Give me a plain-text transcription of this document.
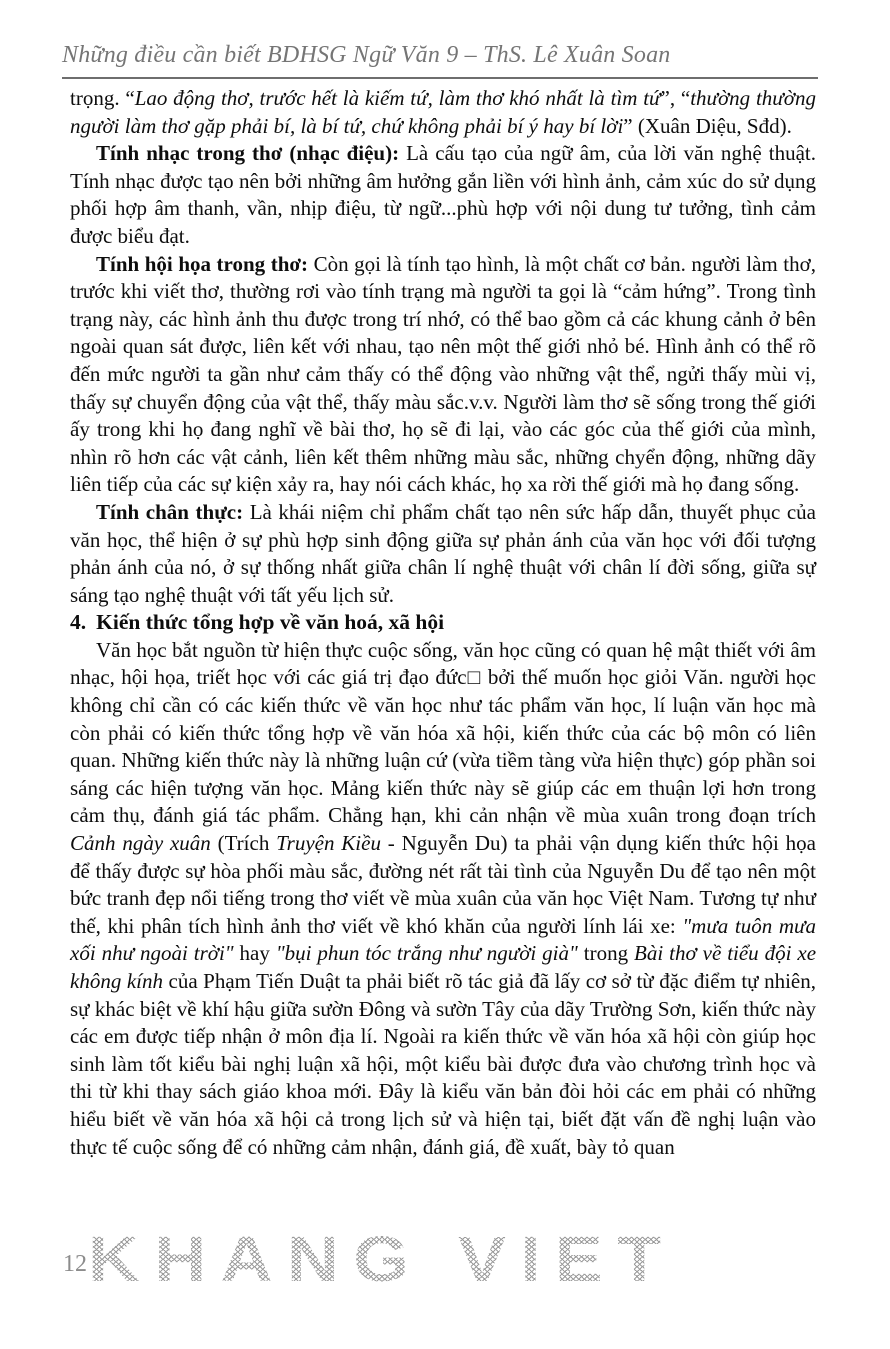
Những điều cần biết BDHSG Ngữ Văn 9 – ThS. Lê Xuân Soan

trọng. “Lao động thơ, trước hết là kiếm tứ, làm thơ khó nhất là tìm tứ”, “thường thường người làm thơ gặp phải bí, là bí tứ, chứ không phải bí ý hay bí lời” (Xuân Diệu, Sđd).

Tính nhạc trong thơ (nhạc điệu): Là cấu tạo của ngữ âm, của lời văn nghệ thuật. Tính nhạc được tạo nên bởi những âm hưởng gắn liền với hình ảnh, cảm xúc do sử dụng phối hợp âm thanh, vần, nhịp điệu, từ ngữ...phù hợp với nội dung tư tưởng, tình cảm được biểu đạt.

Tính hội họa trong thơ: Còn gọi là tính tạo hình, là một chất cơ bản. người làm thơ, trước khi viết thơ, thường rơi vào tính trạng mà người ta gọi là “cảm hứng”. Trong tình trạng này, các hình ảnh thu được trong trí nhớ, có thể bao gồm cả các khung cảnh ở bên ngoài quan sát được, liên kết với nhau, tạo nên một thế giới nhỏ bé. Hình ảnh có thể rõ đến mức người ta gần như cảm thấy có thể động vào những vật thể, ngửi thấy mùi vị, thấy sự chuyển động của vật thể, thấy màu sắc.v.v. Người làm thơ sẽ sống trong thế giới ấy trong khi họ đang nghĩ về bài thơ, họ sẽ đi lại, vào các góc của thế giới của mình, nhìn rõ hơn các vật cảnh, liên kết thêm những màu sắc, những chyển động, những dãy liên tiếp của các sự kiện xảy ra, hay nói cách khác, họ xa rời thế giới mà họ đang sống.

Tính chân thực: Là khái niệm chỉ phẩm chất tạo nên sức hấp dẫn, thuyết phục của văn học, thể hiện ở sự phù hợp sinh động giữa sự phản ánh của văn học với đối tượng phản ánh của nó, ở sự thống nhất giữa chân lí nghệ thuật với chân lí đời sống, giữa sự sáng tạo nghệ thuật với tất yếu lịch sử.

4. Kiến thức tổng hợp về văn hoá, xã hội

Văn học bắt nguồn từ hiện thực cuộc sống, văn học cũng có quan hệ mật thiết với âm nhạc, hội họa, triết học với các giá trị đạo đức□ bởi thế muốn học giỏi Văn. người học không chỉ cần có các kiến thức về văn học như tác phẩm văn học, lí luận văn học mà còn phải có kiến thức tổng hợp về văn hóa xã hội, kiến thức của các bộ môn có liên quan. Những kiến thức này là những luận cứ (vừa tiềm tàng vừa hiện thực) góp phần soi sáng các hiện tượng văn học. Mảng kiến thức này sẽ giúp các em thuận lợi hơn trong cảm thụ, đánh giá tác phẩm. Chẳng hạn, khi cản nhận về mùa xuân trong đoạn trích Cảnh ngày xuân (Trích Truyện Kiều - Nguyễn Du) ta phải vận dụng kiến thức hội họa để thấy được sự hòa phối màu sắc, đường nét rất tài tình của Nguyễn Du để tạo nên một bức tranh đẹp nổi tiếng trong thơ viết về mùa xuân của văn học Việt Nam. Tương tự như thế, khi phân tích hình ảnh thơ viết về khó khăn của người lính lái xe: "mưa tuôn mưa xối như ngoài trời" hay "bụi phun tóc trắng như người già" trong Bài thơ về tiểu đội xe không kính của Phạm Tiến Duật ta phải biết rõ tác giả đã lấy cơ sở từ đặc điểm tự nhiên, sự khác biệt về khí hậu giữa sườn Đông và sườn Tây của dãy Trường Sơn, kiến thức này các em được tiếp nhận ở môn địa lí. Ngoài ra kiến thức về văn hóa xã hội còn giúp học sinh làm tốt kiểu bài nghị luận xã hội, một kiểu bài được đưa vào chương trình học và thi từ khi thay sách giáo khoa mới. Đây là kiểu văn bản đòi hỏi các em phải có những hiểu biết về văn hóa xã hội cả trong lịch sử và hiện tại, biết đặt vấn đề nghị luận vào thực tế cuộc sống để có những cảm nhận, đánh giá, đề xuất, bày tỏ quan

12 KHANG VIET
